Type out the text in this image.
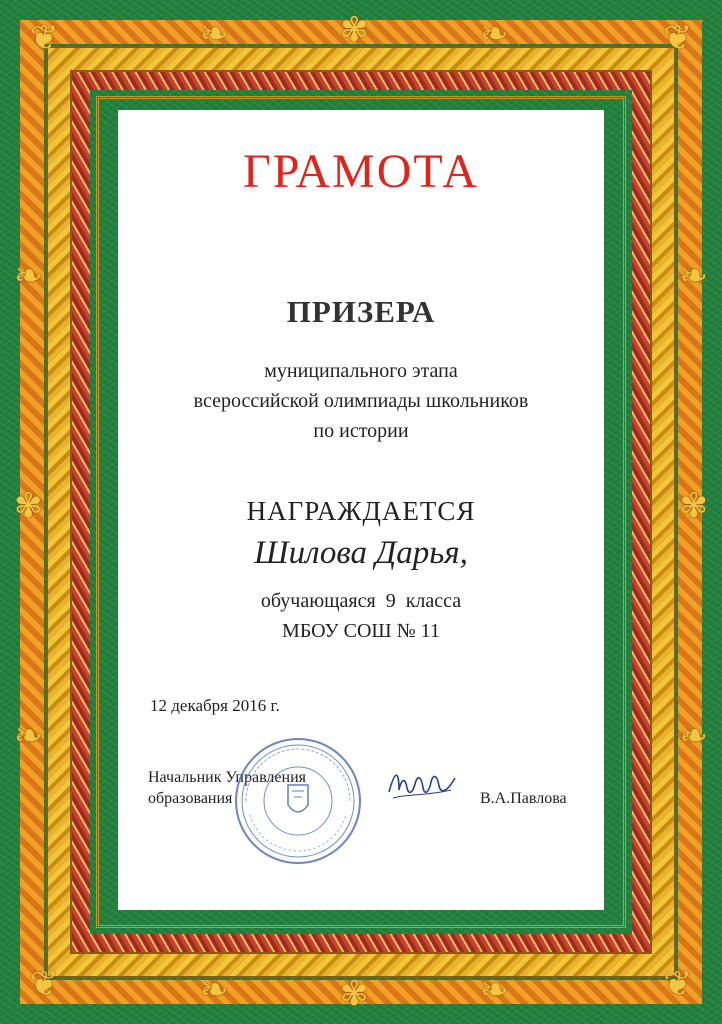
❦	❦
❦	❦
❧	✾	❧
❧	✾	❧
❧
✾
❧
❧
✾
❧
ГРАМОТА
ПРИЗЕРА
муниципального этапа
всероссийской олимпиады школьников
по истории
НАГРАЖДАЕТСЯ
Шилова Дарья,
обучающаяся  9  класса
МБОУ СОШ № 11
12 декабря 2016 г.
Начальник Управления
образования	В.А.Павлова
